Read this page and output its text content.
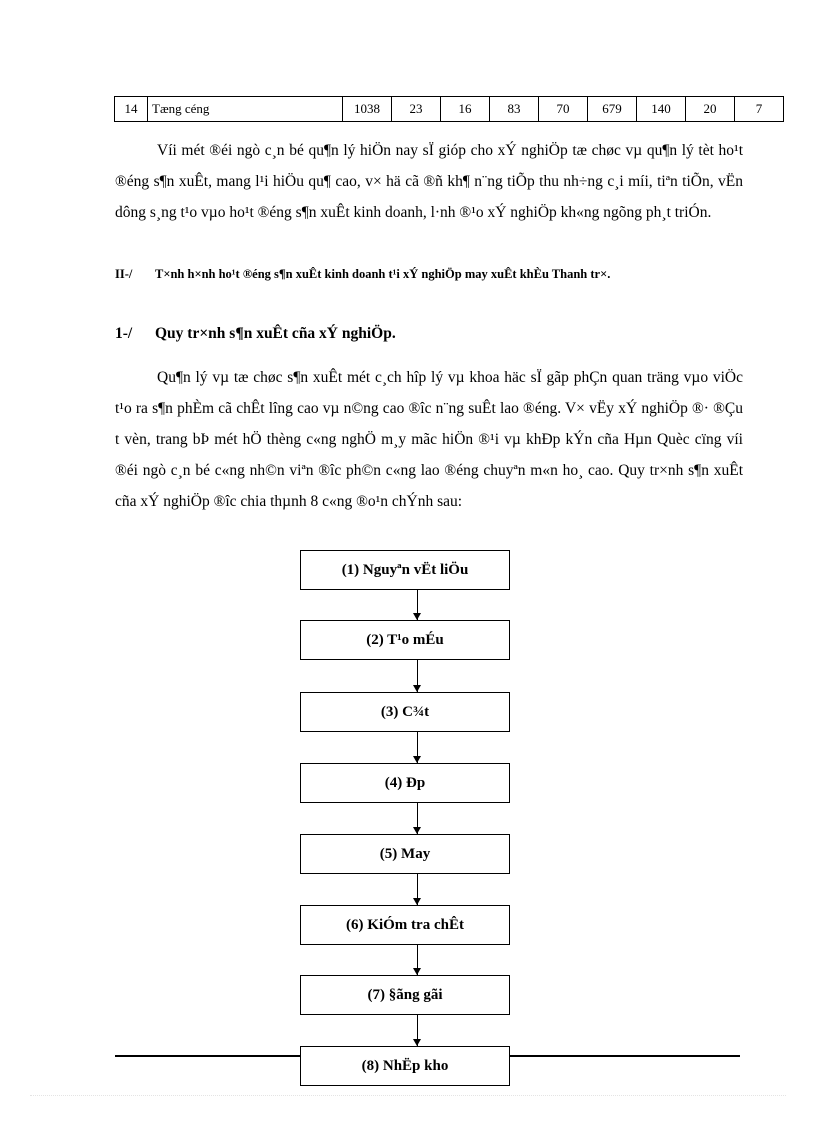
14	Tæng céng	1038	23	16	83	70	679	140	20	7

Víi mét ®éi ngò c¸n bé qu¶n lý hiÖn nay sÏ gióp cho xÝ nghiÖp tæ chøc vµ qu¶n lý tèt ho¹t ®éng s¶n xuÊt, mang l¹i hiÖu qu¶ cao, v× hä cã ®ñ kh¶ n¨ng tiÕp thu nh÷ng c¸i míi, tiªn tiÕn, vËn dông s¸ng t¹o vµo ho¹t ®éng s¶n xuÊt kinh doanh, l·nh ®¹o xÝ nghiÖp kh«ng ngõng ph¸t triÓn.

II-/ T×nh h×nh ho¹t ®éng s¶n xuÊt kinh doanh t¹i xÝ nghiÖp may xuÊt khÈu Thanh tr×.
1-/ Quy tr×nh s¶n xuÊt cña xÝ nghiÖp.

Qu¶n lý vµ tæ chøc s¶n xuÊt mét c¸ch hîp lý vµ khoa häc sÏ gãp phÇn quan träng vµo viÖc t¹o ra s¶n phÈm cã chÊt lîng cao vµ n©ng cao ®îc n¨ng suÊt lao ®éng. V× vËy xÝ nghiÖp ®· ®Çu t vèn, trang bÞ mét hÖ thèng c«ng nghÖ m¸y mãc hiÖn ®¹i vµ khÐp kÝn cña Hµn Quèc cïng víi ®éi ngò c¸n bé c«ng nh©n viªn ®îc ph©n c«ng lao ®éng chuyªn m«n ho¸ cao. Quy tr×nh s¶n xuÊt cña xÝ nghiÖp ®îc chia thµnh 8 c«ng ®o¹n chÝnh sau:

(1) Nguyªn vËt liÖu
(2) T¹o mÉu
(3) C¾t
(4) Ðp
(5) May
(6) KiÓm tra chÊt
(7) §ãng gãi
(8) NhËp kho
